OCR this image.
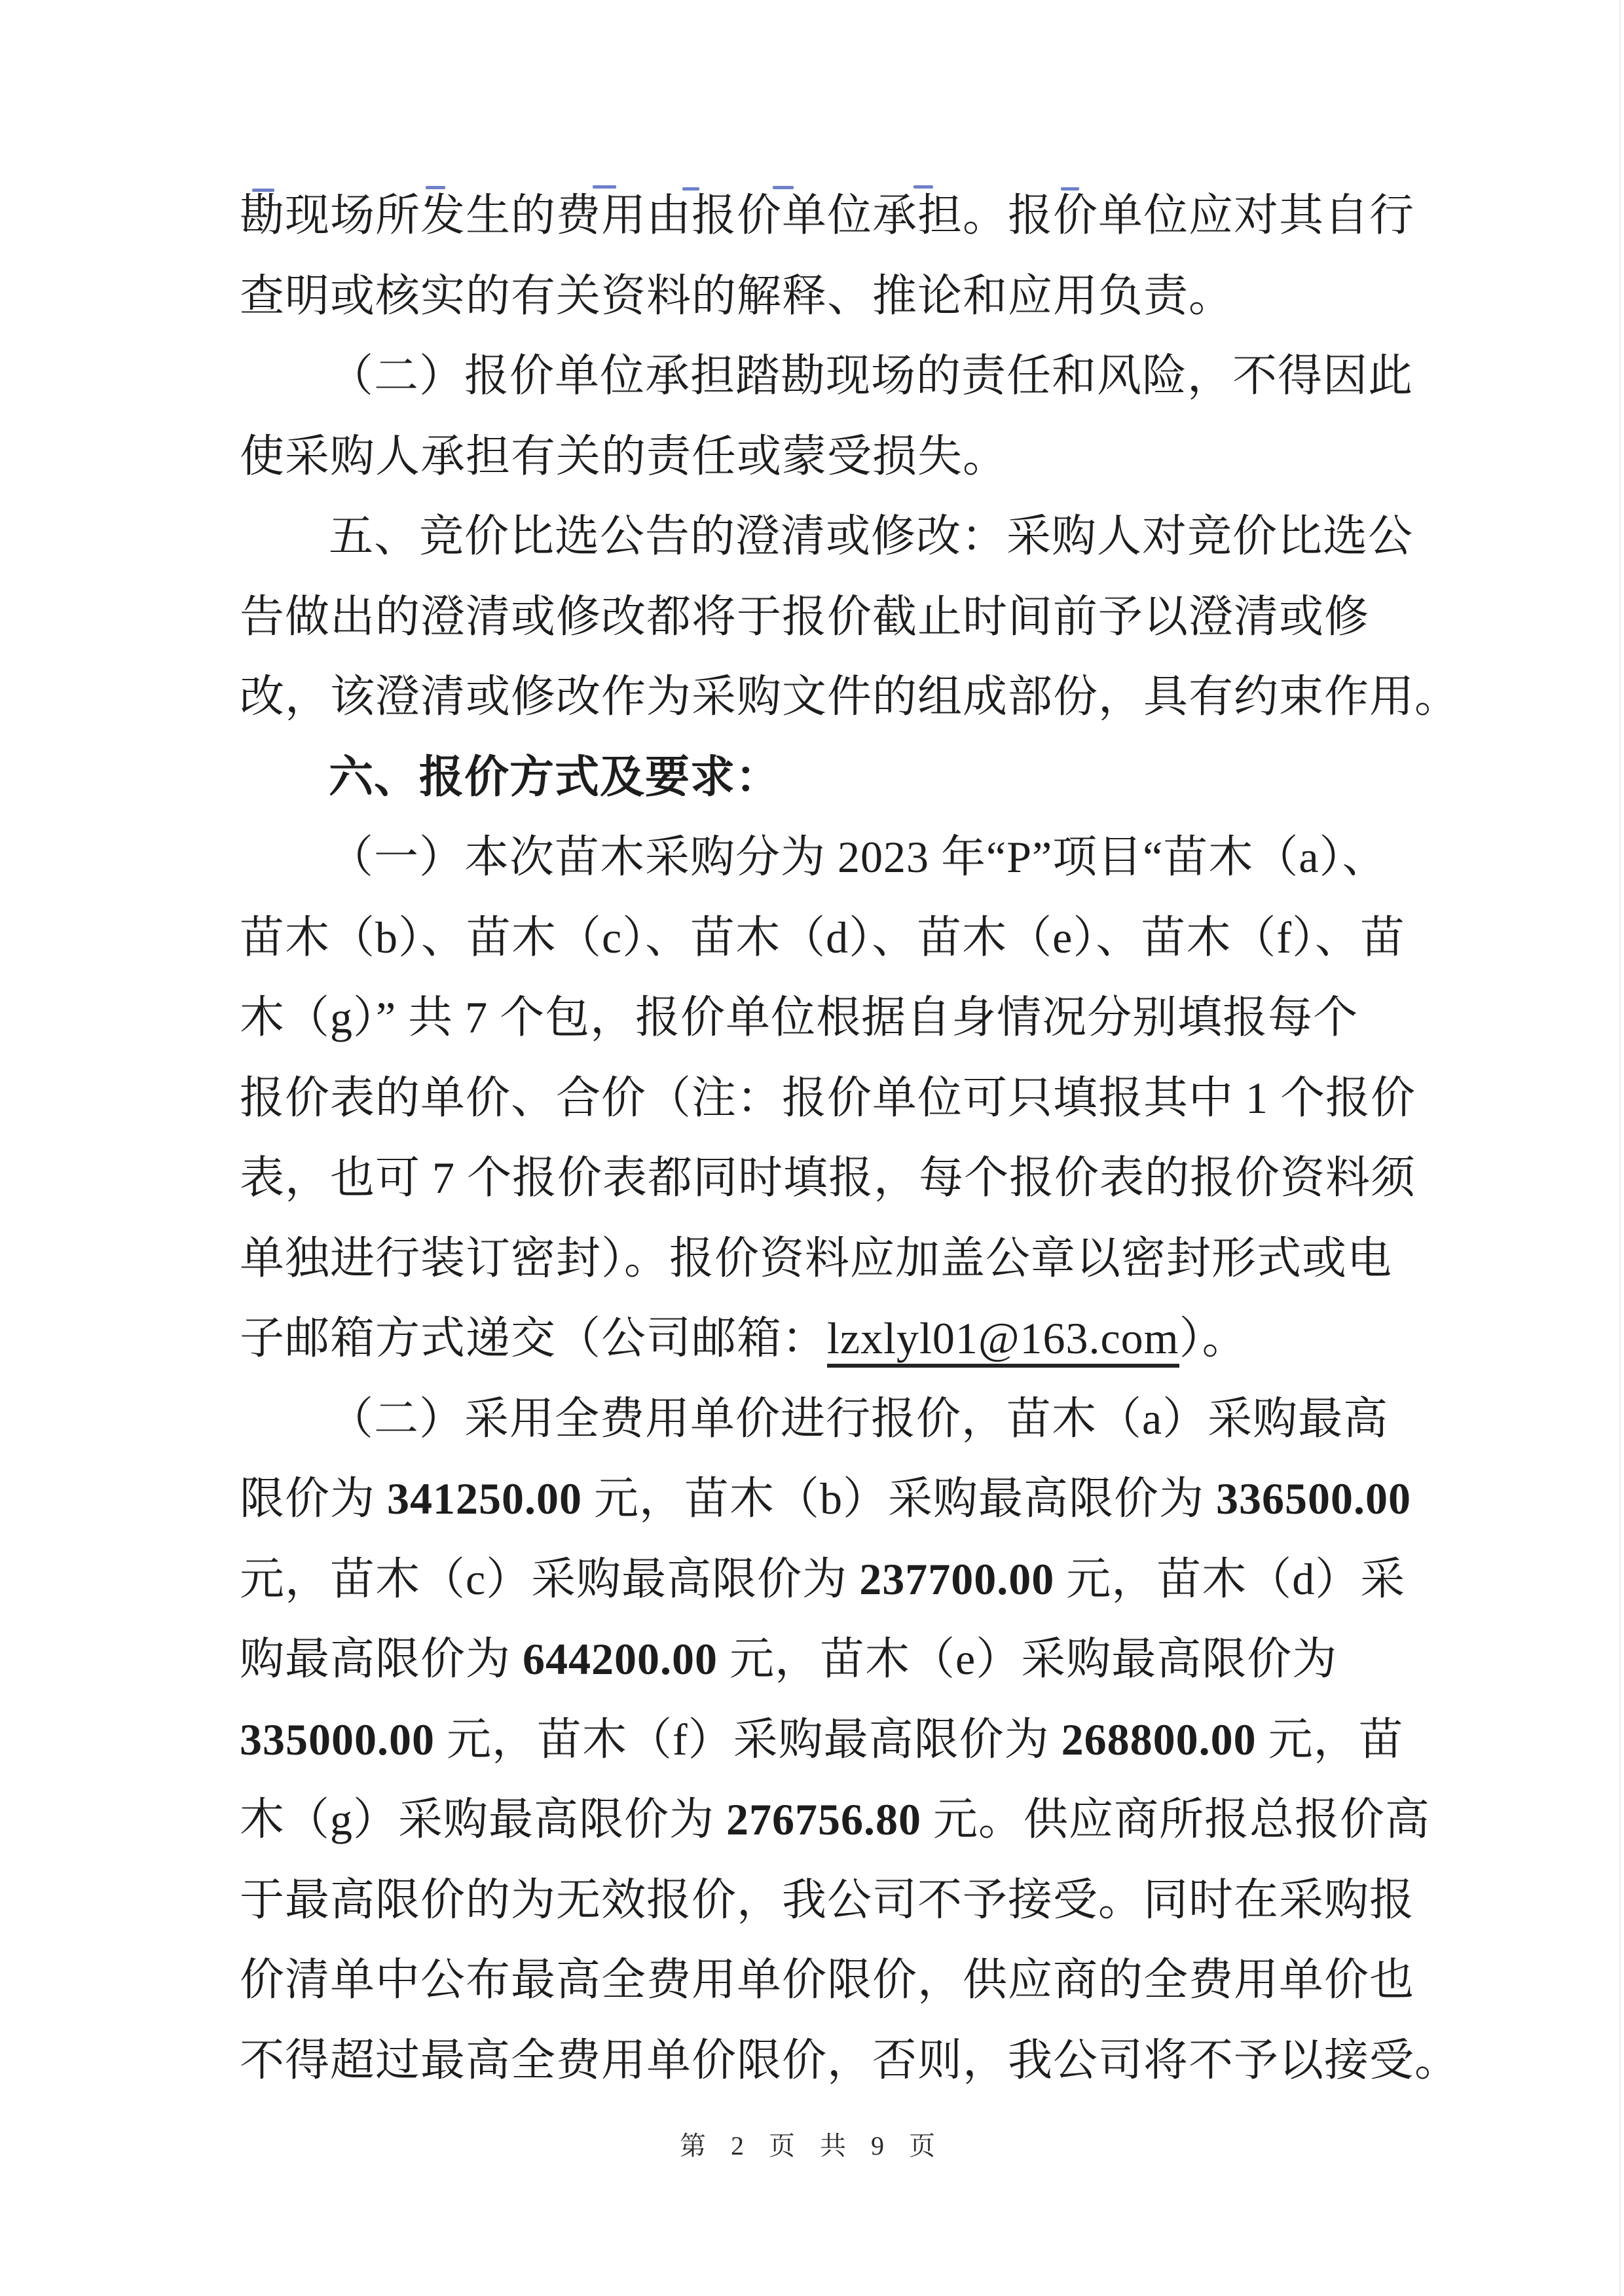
勘现场所发生的费用由报价单位承担。报价单位应对其自行
查明或核实的有关资料的解释、推论和应用负责。
（二）报价单位承担踏勘现场的责任和风险，不得因此
使采购人承担有关的责任或蒙受损失。
五、竞价比选公告的澄清或修改：采购人对竞价比选公
告做出的澄清或修改都将于报价截止时间前予以澄清或修
改，该澄清或修改作为采购文件的组成部份，具有约束作用。
六、报价方式及要求：
（一）本次苗木采购分为 2023 年“P”项目“苗木（a）、
苗木（b）、苗木（c）、苗木（d）、苗木（e）、苗木（f）、苗
木（g）” 共 7 个包，报价单位根据自身情况分别填报每个
报价表的单价、合价（注：报价单位可只填报其中 1 个报价
表，也可 7 个报价表都同时填报，每个报价表的报价资料须
单独进行装订密封）。报价资料应加盖公章以密封形式或电
子邮箱方式递交（公司邮箱：lzxlyl01@163.com）。
（二）采用全费用单价进行报价，苗木（a）采购最高
限价为 341250.00 元，苗木（b）采购最高限价为 336500.00
元，苗木（c）采购最高限价为 237700.00 元，苗木（d）采
购最高限价为 644200.00 元，苗木（e）采购最高限价为
335000.00 元，苗木（f）采购最高限价为 268800.00 元，苗
木（g）采购最高限价为 276756.80 元。供应商所报总报价高
于最高限价的为无效报价，我公司不予接受。同时在采购报
价清单中公布最高全费用单价限价，供应商的全费用单价也
不得超过最高全费用单价限价，否则，我公司将不予以接受。
第 2 页 共 9 页
